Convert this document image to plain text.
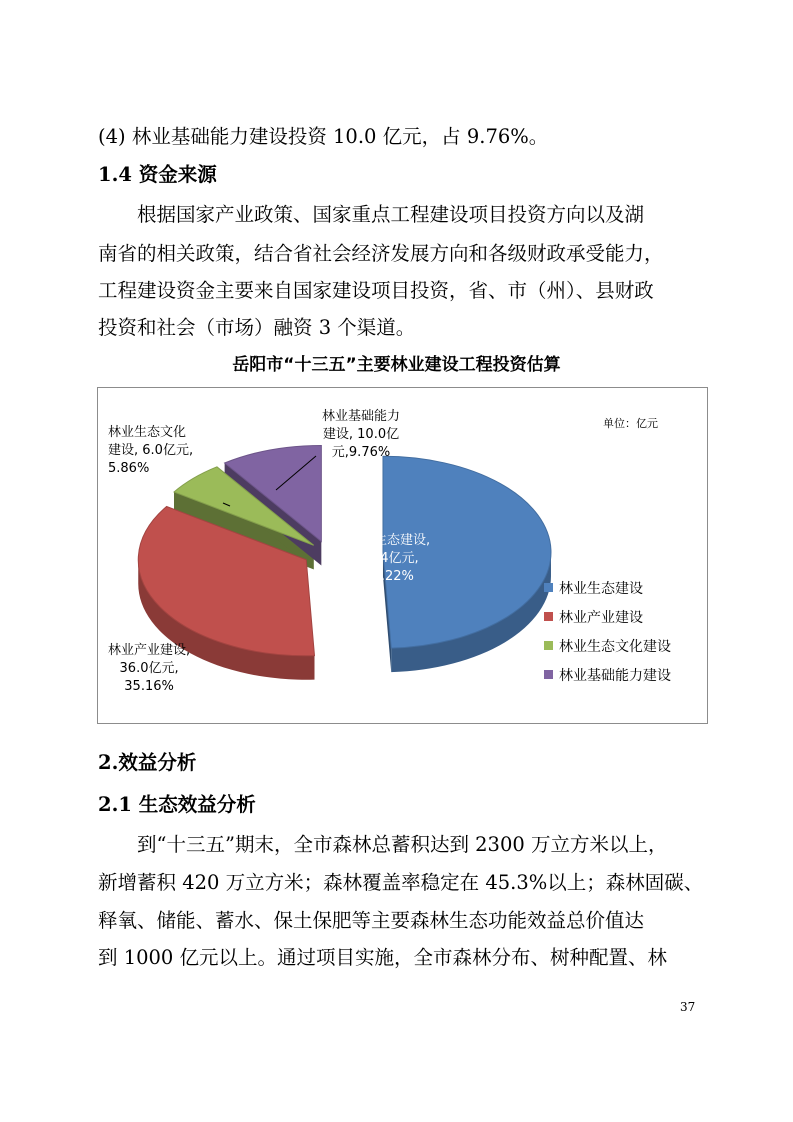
(4) 林业基础能力建设投资 10.0 亿元，占 9.76%。
1.4 资金来源
根据国家产业政策、国家重点工程建设项目投资方向以及湖
南省的相关政策，结合省社会经济发展方向和各级财政承受能力，
工程建设资金主要来自国家建设项目投资，省、市（州）、县财政
投资和社会（市场）融资 3 个渠道。
岳阳市“十三五”主要林业建设工程投资估算
单位：亿元
林业生态建设,
50.4亿元,
49.22%
林业产业建设,
36.0亿元,
35.16%
林业生态文化
建设, 6.0亿元,
5.86%
林业基础能力
建设, 10.0亿
元,9.76%
林业生态建设
林业产业建设
林业生态文化建设
林业基础能力建设
2.效益分析
2.1 生态效益分析
到“十三五”期末，全市森林总蓄积达到 2300 万立方米以上，
新增蓄积 420 万立方米；森林覆盖率稳定在 45.3%以上；森林固碳、
释氧、储能、蓄水、保土保肥等主要森林生态功能效益总价值达
到 1000 亿元以上。通过项目实施，全市森林分布、树种配置、林
37
